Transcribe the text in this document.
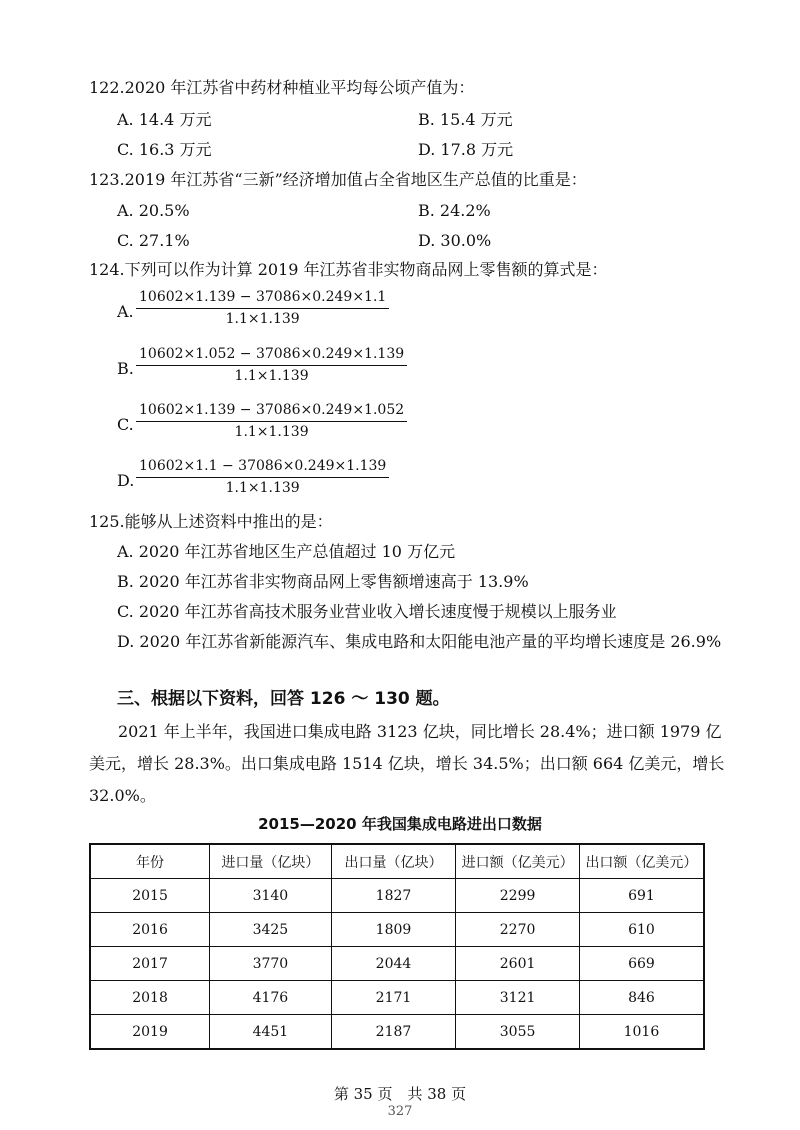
122.2020 年江苏省中药材种植业平均每公顷产值为：
A. 14.4 万元	B. 15.4 万元
C. 16.3 万元	D. 17.8 万元
123.2019 年江苏省“三新”经济增加值占全省地区生产总值的比重是：
A. 20.5%	B. 24.2%
C. 27.1%	D. 30.0%
124.下列可以作为计算 2019 年江苏省非实物商品网上零售额的算式是：
A. $\frac{10602\times 1.139 - 37086\times 0.249\times 1.1}{1.1\times 1.139}$
B. $\frac{10602\times 1.052 - 37086\times 0.249\times 1.139}{1.1\times 1.139}$
C. $\frac{10602\times 1.139 - 37086\times 0.249\times 1.052}{1.1\times 1.139}$
D. $\frac{10602\times 1.1 - 37086\times 0.249\times 1.139}{1.1\times 1.139}$
125.能够从上述资料中推出的是：
A. 2020 年江苏省地区生产总值超过 10 万亿元
B. 2020 年江苏省非实物商品网上零售额增速高于 13.9%
C. 2020 年江苏省高技术服务业营业收入增长速度慢于规模以上服务业
D. 2020 年江苏省新能源汽车、集成电路和太阳能电池产量的平均增长速度是 26.9%
三、根据以下资料，回答 126 ～ 130 题。
2021 年上半年，我国进口集成电路 3123 亿块，同比增长 28.4%；进口额 1979 亿美元，增长 28.3%。出口集成电路 1514 亿块，增长 34.5%；出口额 664 亿美元，增长 32.0%。
2015—2020 年我国集成电路进出口数据
年份	进口量（亿块）	出口量（亿块）	进口额（亿美元）	出口额（亿美元）
2015	3140	1827	2299	691
2016	3425	1809	2270	610
2017	3770	2044	2601	669
2018	4176	2171	3121	846
2019	4451	2187	3055	1016
第 35 页　共 38 页
327
